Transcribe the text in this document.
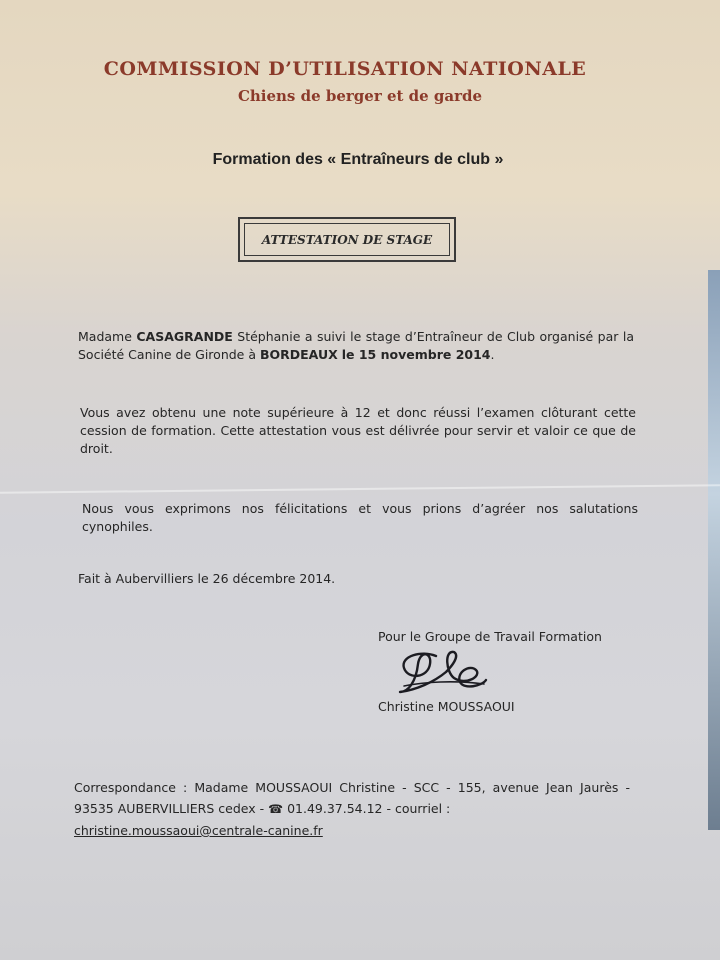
COMMISSION D’UTILISATION NATIONALE
Chiens de berger et de garde
Formation des « Entraîneurs de club »
ATTESTATION DE STAGE
Madame CASAGRANDE Stéphanie a suivi le stage d’Entraîneur de Club organisé par la Société Canine de Gironde à BORDEAUX le 15 novembre 2014.
Vous avez obtenu une note supérieure à 12 et donc réussi l’examen clôturant cette cession de formation. Cette attestation vous est délivrée pour servir et valoir ce que de droit.
Nous vous exprimons nos félicitations et vous prions d’agréer nos salutations cynophiles.
Fait à Aubervilliers le 26 décembre 2014.
Pour le Groupe de Travail Formation
Christine MOUSSAOUI
Correspondance : Madame MOUSSAOUI Christine - SCC - 155, avenue Jean Jaurès - 93535 AUBERVILLIERS cedex - ☎ 01.49.37.54.12 - courriel :
christine.moussaoui@centrale-canine.fr
